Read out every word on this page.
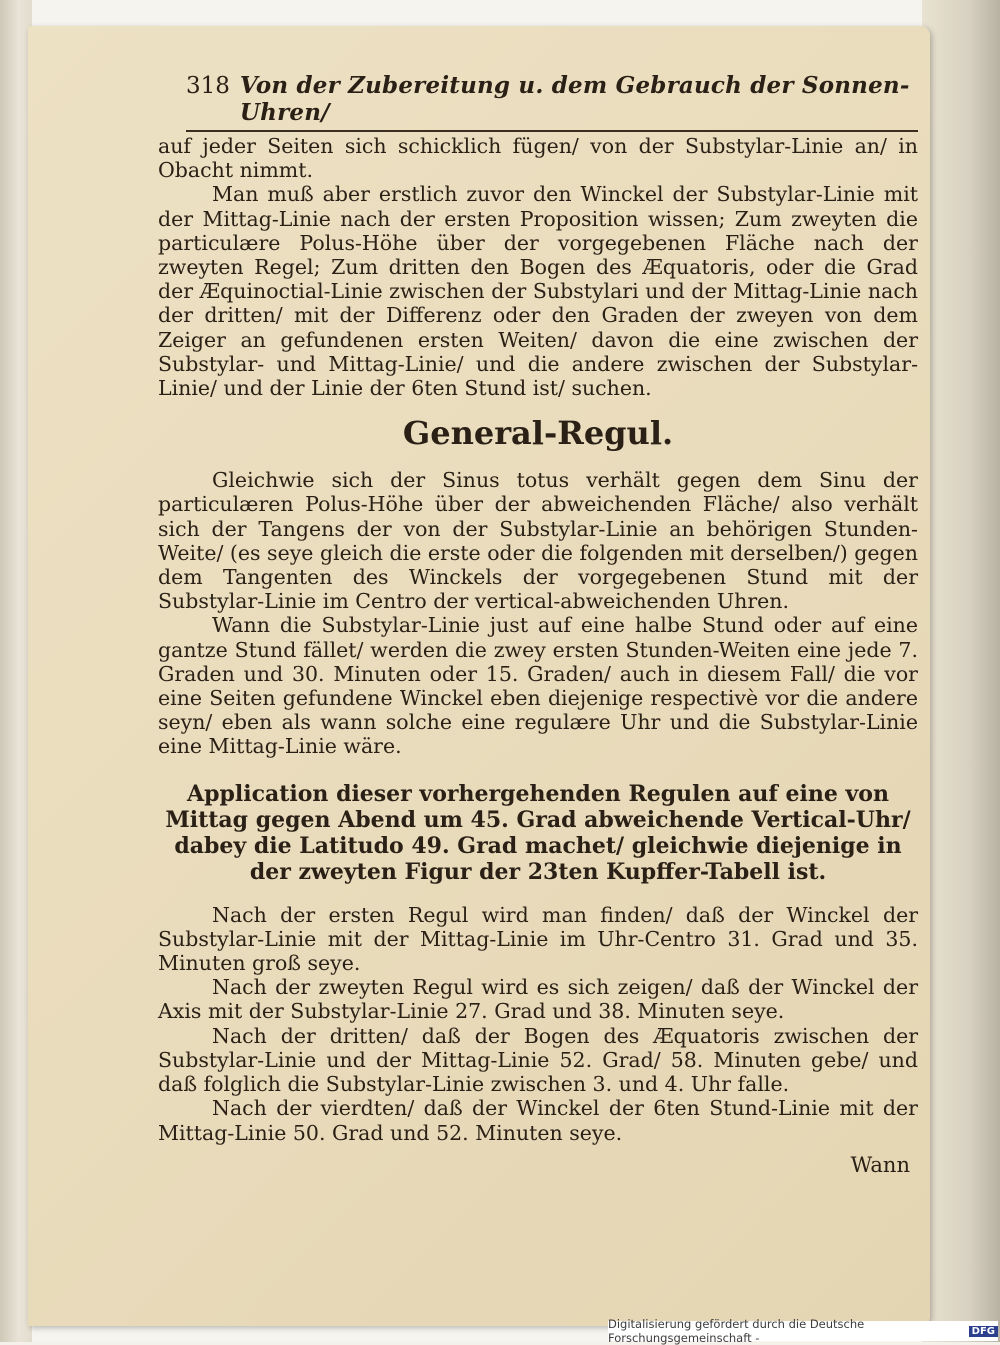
318 Von der Zubereitung u. dem Gebrauch der Sonnen-Uhren/

auf jeder Seiten sich schicklich fügen/ von der Substylar-Linie an/ in Obacht nimmt.

Man muß aber erstlich zuvor den Winckel der Substylar-Linie mit der Mittag-Linie nach der ersten Proposition wissen; Zum zweyten die particulære Polus-Höhe über der vorgegebenen Fläche nach der zweyten Regel; Zum dritten den Bogen des Æquatoris, oder die Grad der Æquinoctial-Linie zwischen der Substylari und der Mittag-Linie nach der dritten/ mit der Differenz oder den Graden der zweyen von dem Zeiger an gefundenen ersten Weiten/ davon die eine zwischen der Substylar- und Mittag-Linie/ und die andere zwischen der Substylar-Linie/ und der Linie der 6ten Stund ist/ suchen.

General-Regul.

Gleichwie sich der Sinus totus verhält gegen dem Sinu der particulæren Polus-Höhe über der abweichenden Fläche/ also verhält sich der Tangens der von der Substylar-Linie an behörigen Stunden-Weite/ (es seye gleich die erste oder die folgenden mit derselben/) gegen dem Tangenten des Winckels der vorgegebenen Stund mit der Substylar-Linie im Centro der vertical-abweichenden Uhren.

Wann die Substylar-Linie just auf eine halbe Stund oder auf eine gantze Stund fället/ werden die zwey ersten Stunden-Weiten eine jede 7. Graden und 30. Minuten oder 15. Graden/ auch in diesem Fall/ die vor eine Seiten gefundene Winckel eben diejenige respectivè vor die andere seyn/ eben als wann solche eine regulære Uhr und die Substylar-Linie eine Mittag-Linie wäre.

Application dieser vorhergehenden Regulen auf eine von Mittag gegen Abend um 45. Grad abweichende Vertical-Uhr/ dabey die Latitudo 49. Grad machet/ gleichwie diejenige in der zweyten Figur der 23ten Kupffer-Tabell ist.

Nach der ersten Regul wird man finden/ daß der Winckel der Substylar-Linie mit der Mittag-Linie im Uhr-Centro 31. Grad und 35. Minuten groß seye.

Nach der zweyten Regul wird es sich zeigen/ daß der Winckel der Axis mit der Substylar-Linie 27. Grad und 38. Minuten seye.

Nach der dritten/ daß der Bogen des Æquatoris zwischen der Substylar-Linie und der Mittag-Linie 52. Grad/ 58. Minuten gebe/ und daß folglich die Substylar-Linie zwischen 3. und 4. Uhr falle.

Nach der vierdten/ daß der Winckel der 6ten Stund-Linie mit der Mittag-Linie 50. Grad und 52. Minuten seye.

Wann
Digitalisierung gefördert durch die Deutsche Forschungsgemeinschaft -	DFG
